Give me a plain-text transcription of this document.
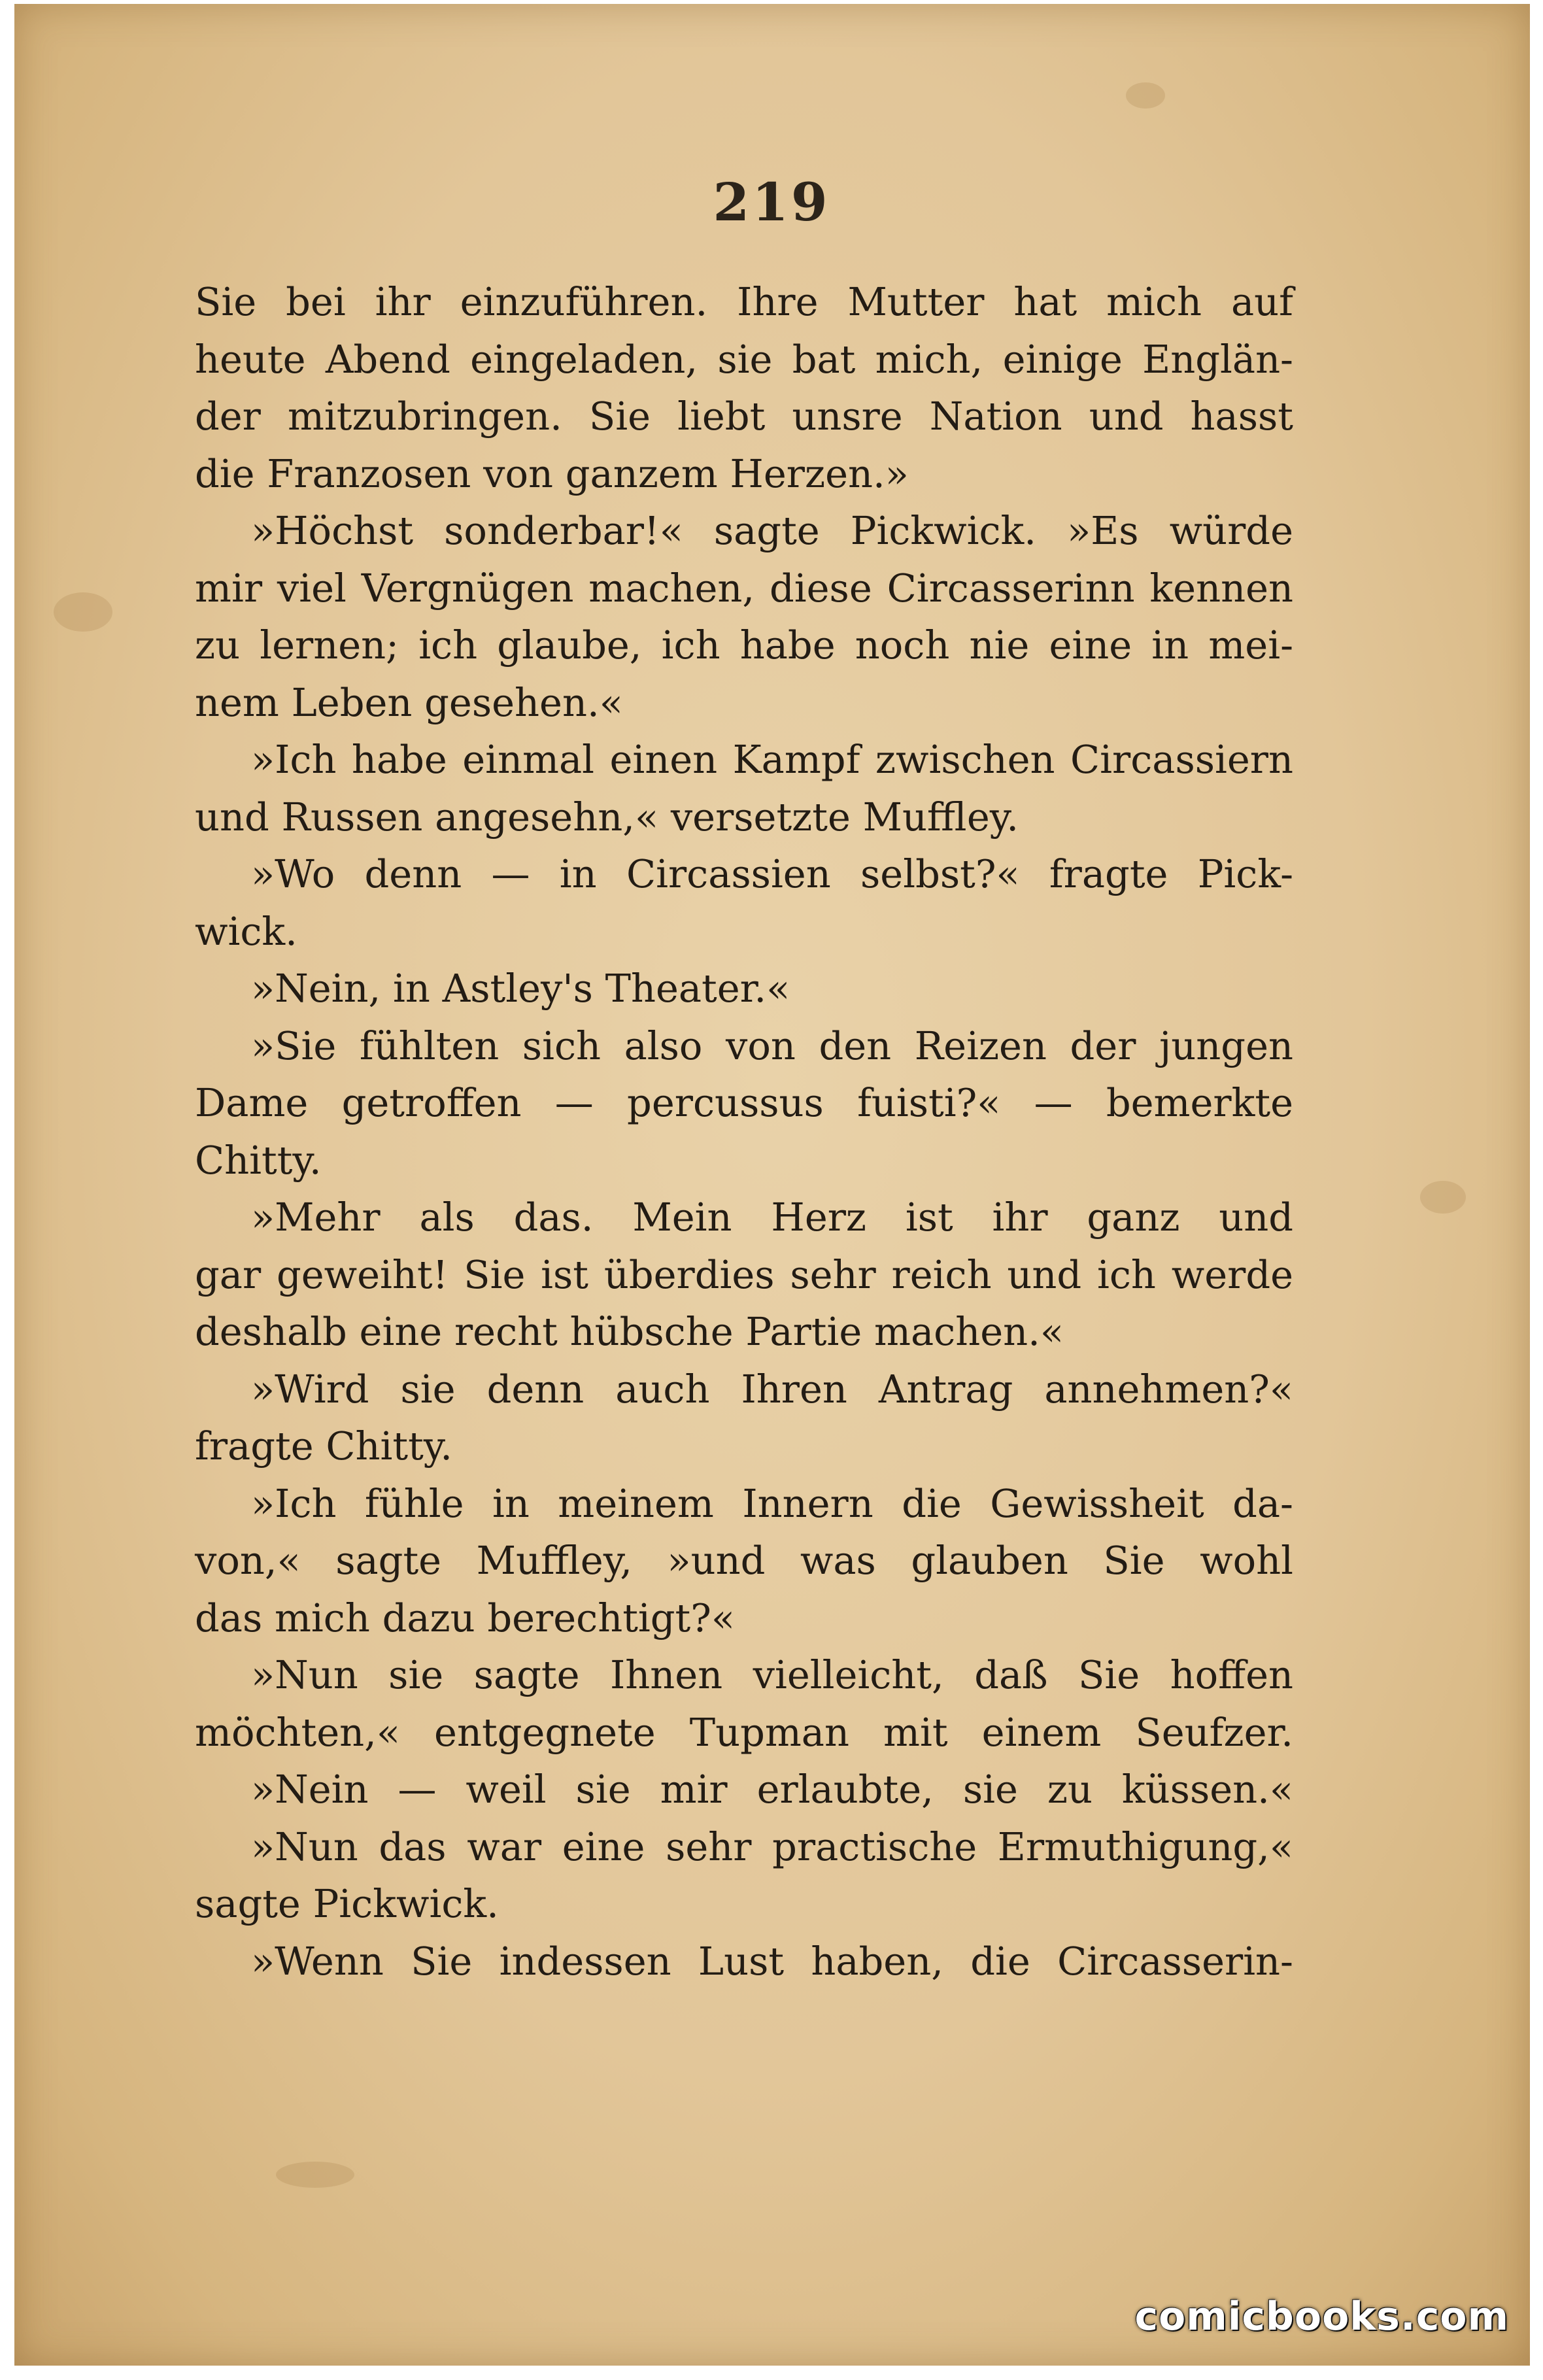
219
Sie bei ihr einzuführen. Ihre Mutter hat mich auf
heute Abend eingeladen, sie bat mich, einige Englän-
der mitzubringen. Sie liebt unsre Nation und hasst
die Franzosen von ganzem Herzen.»
»Höchst sonderbar!« sagte Pickwick. »Es würde
mir viel Vergnügen machen, diese Circasserinn kennen
zu lernen; ich glaube, ich habe noch nie eine in mei-
nem Leben gesehen.«
»Ich habe einmal einen Kampf zwischen Circassiern
und Russen angesehn,« versetzte Muffley.
»Wo denn — in Circassien selbst?« fragte Pick-
wick.
»Nein, in Astley's Theater.«
»Sie fühlten sich also von den Reizen der jungen
Dame getroffen — percussus fuisti?« — bemerkte
Chitty.
»Mehr als das. Mein Herz ist ihr ganz und
gar geweiht! Sie ist überdies sehr reich und ich werde
deshalb eine recht hübsche Partie machen.«
»Wird sie denn auch Ihren Antrag annehmen?«
fragte Chitty.
»Ich fühle in meinem Innern die Gewissheit da-
von,« sagte Muffley, »und was glauben Sie wohl
das mich dazu berechtigt?«
»Nun sie sagte Ihnen vielleicht, daß Sie hoffen
möchten,« entgegnete Tupman mit einem Seufzer.
»Nein — weil sie mir erlaubte, sie zu küssen.«
»Nun das war eine sehr practische Ermuthigung,«
sagte Pickwick.
»Wenn Sie indessen Lust haben, die Circasserin-
comicbooks.com
